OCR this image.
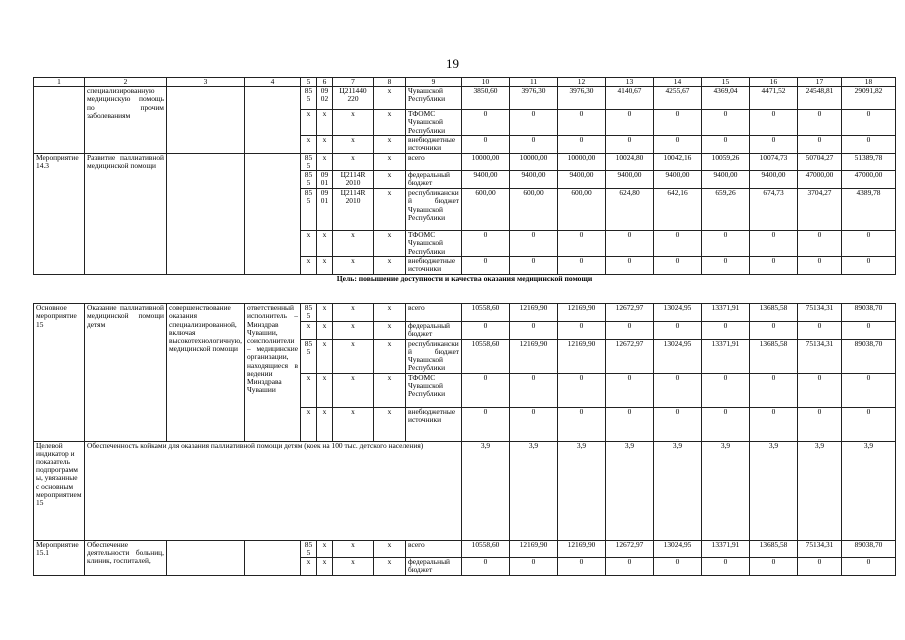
19
1	2	3	4	5	6	7	8	9	10	11	12	13	14	15	16	17	18
	специализированную медицинскую помощь по прочим заболеваниям			855	0902	Ц211440 220	x	Чувашской Республики	3850,60	3976,30	3976,30	4140,67	4255,67	4369,04	4471,52	24548,81	29091,82
				x	x	x	x	ТФОМС Чувашской Республики	0	0	0	0	0	0	0	0	0
				x	x	x	x	внебюджетные источники	0	0	0	0	0	0	0	0	0
Мероприятие 14.3	Развитие паллиативной медицинской помощи			855	x	x	x	всего	10000,00	10000,00	10000,00	10024,80	10042,16	10059,26	10074,73	50704,27	51389,78
				855	0901	Ц2114R 2010	x	федеральный бюджет	9400,00	9400,00	9400,00	9400,00	9400,00	9400,00	9400,00	47000,00	47000,00
				855	0901	Ц2114R 2010	x	республиканский бюджет Чувашской Республики	600,00	600,00	600,00	624,80	642,16	659,26	674,73	3704,27	4389,78
				x	x	x	x	ТФОМС Чувашской Республики	0	0	0	0	0	0	0	0	0
				x	x	x	x	внебюджетные источники	0	0	0	0	0	0	0	0	0
Цель: повышение доступности и качества оказания медицинской помощи																	
Основное мероприятие 15	Оказание паллиативной медицинской помощи детям	совершенствование оказания специализированной, включая высокотехнологичную, медицинской помощи	ответственный исполнитель – Минздрав Чувашии, соисполнители – медицинские организации, находящиеся в ведении Минздрава Чувашии	855	x	x	x	всего	10558,60	12169,90	12169,90	12672,97	13024,95	13371,91	13685,58	75134,31	89038,70
				x	x	x	x	федеральный бюджет	0	0	0	0	0	0	0	0	0
				855	x	x	x	республиканский бюджет Чувашской Республики	10558,60	12169,90	12169,90	12672,97	13024,95	13371,91	13685,58	75134,31	89038,70
				x	x	x	x	ТФОМС Чувашской Республики	0	0	0	0	0	0	0	0	0
				x	x	x	x	внебюджетные источники	0	0	0	0	0	0	0	0	0
Целевой индикатор и показатель подпрограммы, увязанные с основным мероприятием 15	Обеспеченность койками для оказания паллиативной помощи детям (коек на 100 тыс. детского населения)								3,9	3,9	3,9	3,9	3,9	3,9	3,9	3,9	3,9
Мероприятие 15.1	Обеспечение деятельности больниц, клиник, госпиталей,			855	x	x	x	всего	10558,60	12169,90	12169,90	12672,97	13024,95	13371,91	13685,58	75134,31	89038,70
				x	x	x	x	федеральный бюджет	0	0	0	0	0	0	0	0	0
